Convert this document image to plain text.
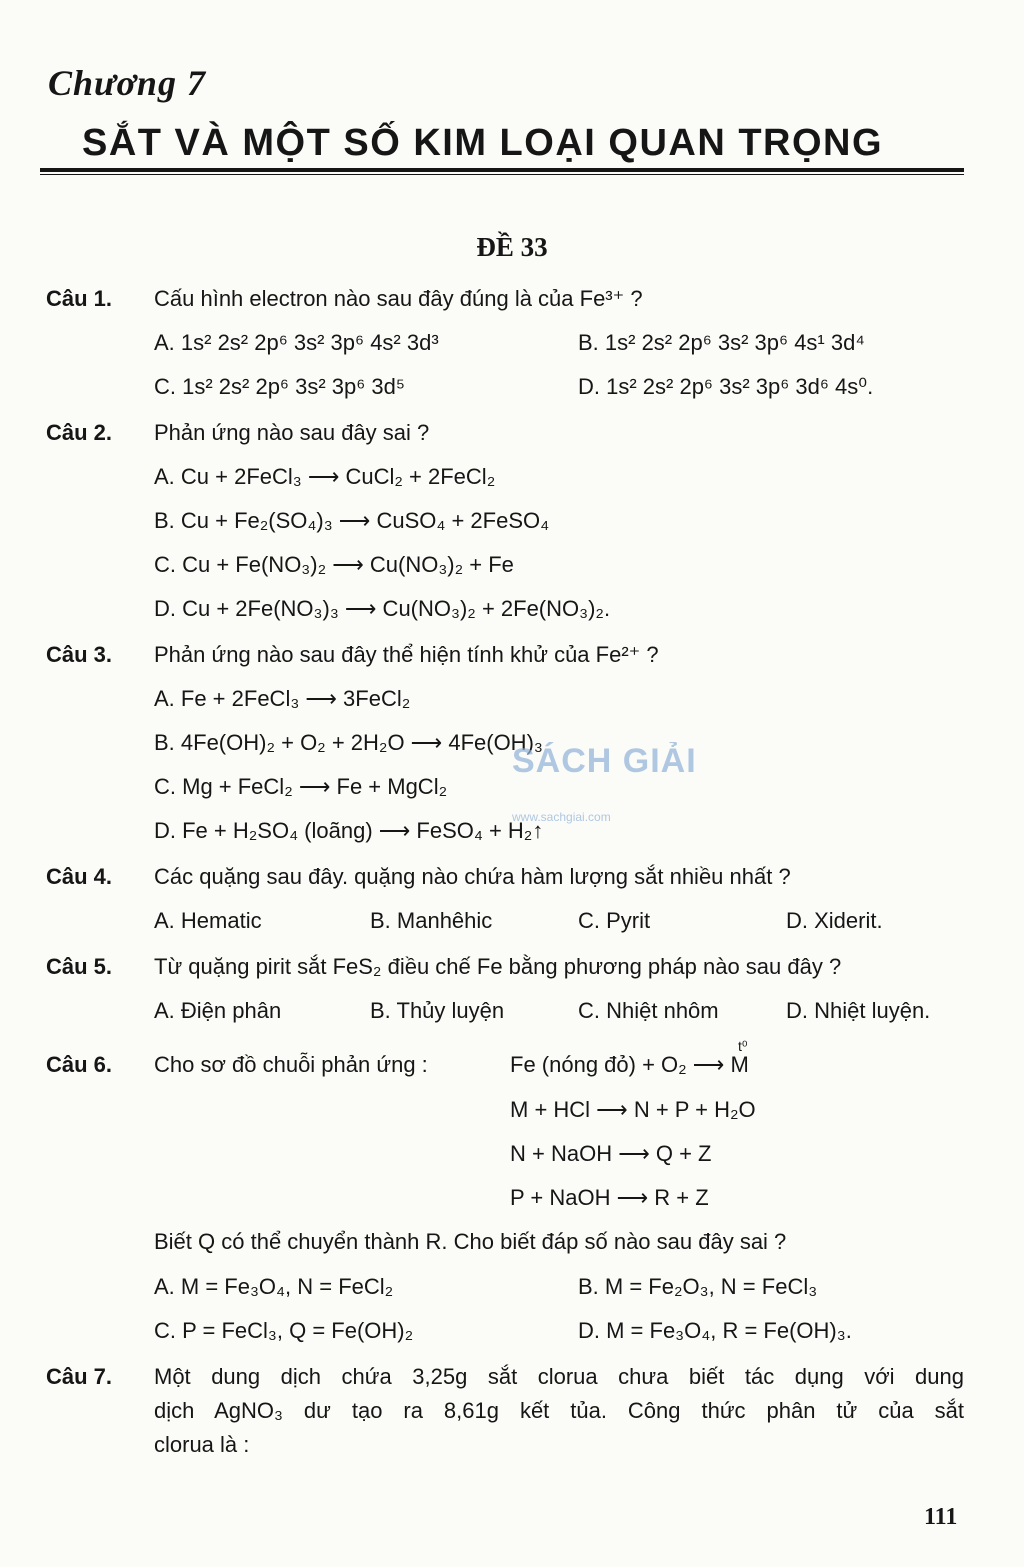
Chương 7
SẮT VÀ MỘT SỐ KIM LOẠI QUAN TRỌNG
ĐỀ 33
Câu 1. Cấu hình electron nào sau đây đúng là của Fe³⁺ ?
A. 1s² 2s² 2p⁶ 3s² 3p⁶ 4s² 3d³	B. 1s² 2s² 2p⁶ 3s² 3p⁶ 4s¹ 3d⁴
C. 1s² 2s² 2p⁶ 3s² 3p⁶ 3d⁵	D. 1s² 2s² 2p⁶ 3s² 3p⁶ 3d⁶ 4s⁰.
Câu 2. Phản ứng nào sau đây sai ?
A. Cu + 2FeCl₃ ⟶ CuCl₂ + 2FeCl₂
B. Cu + Fe₂(SO₄)₃ ⟶ CuSO₄ + 2FeSO₄
C. Cu + Fe(NO₃)₂ ⟶ Cu(NO₃)₂ + Fe
D. Cu + 2Fe(NO₃)₃ ⟶ Cu(NO₃)₂ + 2Fe(NO₃)₂.
Câu 3. Phản ứng nào sau đây thể hiện tính khử của Fe²⁺ ?
A. Fe + 2FeCl₃ ⟶ 3FeCl₂
B. 4Fe(OH)₂ + O₂ + 2H₂O ⟶ 4Fe(OH)₃
C. Mg + FeCl₂ ⟶ Fe + MgCl₂
D. Fe + H₂SO₄ (loãng) ⟶ FeSO₄ + H₂↑
Câu 4. Các quặng sau đây. quặng nào chứa hàm lượng sắt nhiều nhất ?
A. Hematic	B. Manhêhic	C. Pyrit	D. Xiderit.
Câu 5. Từ quặng pirit sắt FeS₂ điều chế Fe bằng phương pháp nào sau đây ?
A. Điện phân	B. Thủy luyện	C. Nhiệt nhôm	D. Nhiệt luyện.
Câu 6. Cho sơ đồ chuỗi phản ứng :
t⁰
Fe (nóng đỏ) + O₂ ⟶ M
M + HCl ⟶ N + P + H₂O
N + NaOH ⟶ Q + Z
P + NaOH ⟶ R + Z
Biết Q có thể chuyển thành R. Cho biết đáp số nào sau đây sai ?
A. M = Fe₃O₄, N = FeCl₂	B. M = Fe₂O₃, N = FeCl₃
C. P = FeCl₃, Q = Fe(OH)₂	D. M = Fe₃O₄, R = Fe(OH)₃.
Câu 7. Một dung dịch chứa 3,25g sắt clorua chưa biết tác dụng với dung
dịch AgNO₃ dư tạo ra 8,61g kết tủa. Công thức phân tử của sắt
clorua là :
SÁCH GIẢI
www.sachgiai.com
111
